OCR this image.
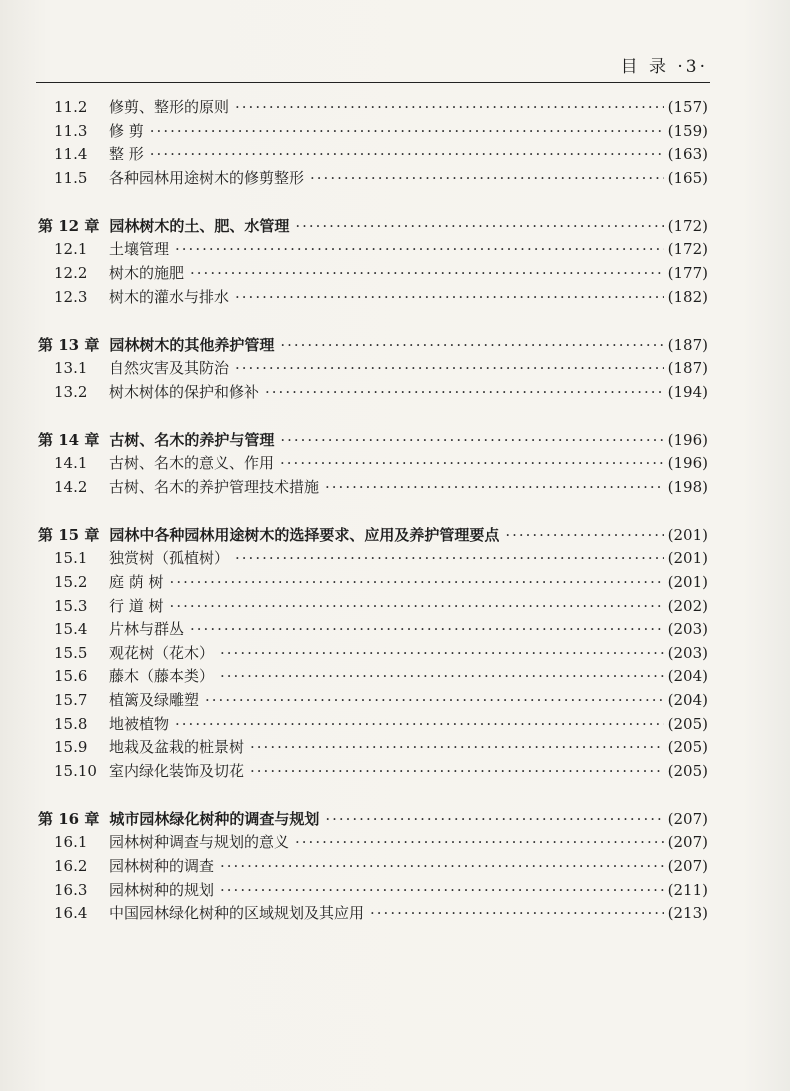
目 录 ·3·
11.2	修剪、整形的原则 ·····	(157)
11.3	修 剪 ·····	(159)
11.4	整 形 ·····	(163)
11.5	各种园林用途树木的修剪整形 ·····	(165)
第 12 章 园林树木的土、肥、水管理 ·····	(172)
12.1	土壤管理 ·····	(172)
12.2	树木的施肥 ·····	(177)
12.3	树木的灌水与排水 ·····	(182)
第 13 章 园林树木的其他养护管理 ·····	(187)
13.1	自然灾害及其防治 ·····	(187)
13.2	树木树体的保护和修补 ·····	(194)
第 14 章 古树、名木的养护与管理 ·····	(196)
14.1	古树、名木的意义、作用 ·····	(196)
14.2	古树、名木的养护管理技术措施 ·····	(198)
第 15 章 园林中各种园林用途树木的选择要求、应用及养护管理要点 ·····	(201)
15.1	独赏树（孤植树） ·····	(201)
15.2	庭 荫 树 ·····	(201)
15.3	行 道 树 ·····	(202)
15.4	片林与群丛 ·····	(203)
15.5	观花树（花木） ·····	(203)
15.6	藤木（藤本类） ·····	(204)
15.7	植篱及绿雕塑 ·····	(204)
15.8	地被植物 ·····	(205)
15.9	地栽及盆栽的桩景树 ·····	(205)
15.10 室内绿化装饰及切花 ·····	(205)
第 16 章 城市园林绿化树种的调查与规划 ·····	(207)
16.1	园林树种调查与规划的意义 ·····	(207)
16.2	园林树种的调查 ·····	(207)
16.3	园林树种的规划 ·····	(211)
16.4	中国园林绿化树种的区域规划及其应用 ·····	(213)
